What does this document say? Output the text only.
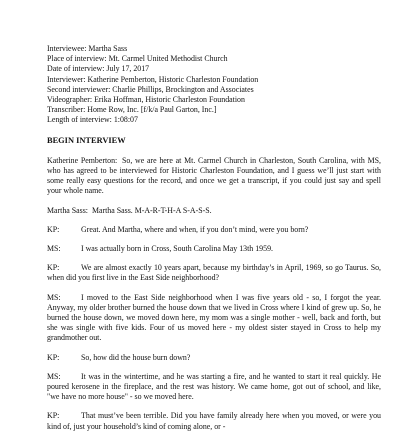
Interviewee: Martha Sass
Place of interview: Mt. Carmel United Methodist Church
Date of interview: July 17, 2017
Interviewer: Katherine Pemberton, Historic Charleston Foundation
Second interviewer: Charlie Phillips, Brockington and Associates
Videographer: Erika Hoffman, Historic Charleston Foundation
Transcriber: Home Row, Inc. [f/k/a Paul Garton, Inc.]
Length of interview: 1:08:07
BEGIN INTERVIEW

Katherine Pemberton: So, we are here at Mt. Carmel Church in Charleston, South Carolina, with MS, who has agreed to be interviewed for Historic Charleston Foundation, and I guess we’ll just start with some really easy questions for the record, and once we get a transcript, if you could just say and spell your whole name.

Martha Sass: Martha Sass. M-A-R-T-H-A S-A-S-S.

KP:	Great. And Martha, where and when, if you don’t mind, were you born?

MS:	I was actually born in Cross, South Carolina May 13th 1959.

KP:	We are almost exactly 10 years apart, because my birthday’s in April, 1969, so go Taurus. So, when did you first live in the East Side neighborhood?

MS:	I moved to the East Side neighborhood when I was five years old - so, I forgot the year. Anyway, my older brother burned the house down that we lived in Cross where I kind of grew up. So, he burned the house down, we moved down here, my mom was a single mother - well, back and forth, but she was single with five kids. Four of us moved here - my oldest sister stayed in Cross to help my grandmother out.

KP:	So, how did the house burn down?

MS:	It was in the wintertime, and he was starting a fire, and he wanted to start it real quickly. He poured kerosene in the fireplace, and the rest was history. We came home, got out of school, and like, "we have no more house" - so we moved here.

KP:	That must’ve been terrible. Did you have family already here when you moved, or were you kind of, just your household’s kind of coming alone, or -
